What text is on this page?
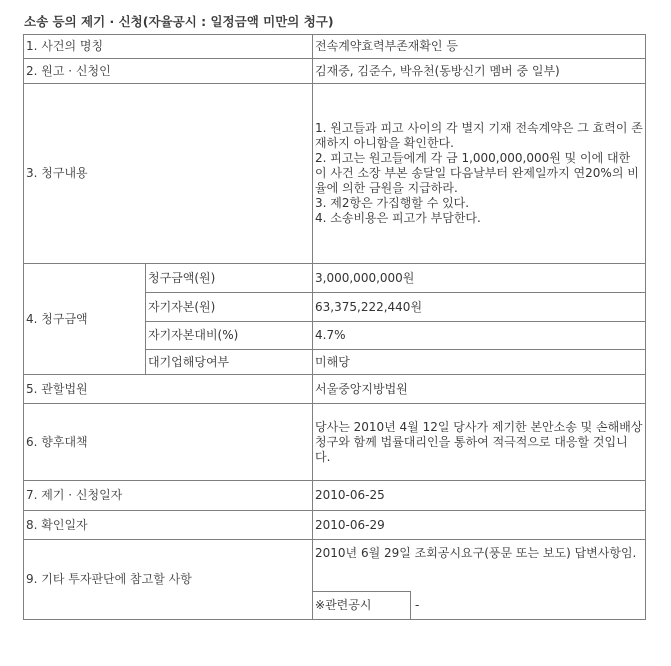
소송 등의 제기 · 신청(자율공시 : 일정금액 미만의 청구)
1. 사건의 명칭		전속계약효력부존재확인 등
2. 원고 · 신청인		김재중, 김준수, 박유천(동방신기 멤버 중 일부)
3. 청구내용		1. 원고들과 피고 사이의 각 별지 기재 전속계약은 그 효력이 존재하지 아니함을 확인한다.
2. 피고는 원고들에게 각 금 1,000,000,000원 및 이에 대한 이 사건 소장 부본 송달일 다음날부터 완제일까지 연20%의 비율에 의한 금원을 지급하라.
3. 제2항은 가집행할 수 있다.
4. 소송비용은 피고가 부담한다.

4. 청구금액	청구금액(원)	3,000,000,000원
	자기자본(원)	63,375,222,440원
	자기자본대비(%)	4.7%
	대기업해당여부	미해당
5. 관할법원		서울중앙지방법원
6. 향후대책		당사는 2010년 4월 12일 당사가 제기한 본안소송 및 손해배상청구와 함께 법률대리인을 통하여 적극적으로 대응할 것입니다.
7. 제기 · 신청일자		2010-06-25
8. 확인일자		2010-06-29
9. 기타 투자판단에 참고할 사항		2010년 6월 29일 조회공시요구(풍문 또는 보도) 답변사항임.
※관련공시 -
